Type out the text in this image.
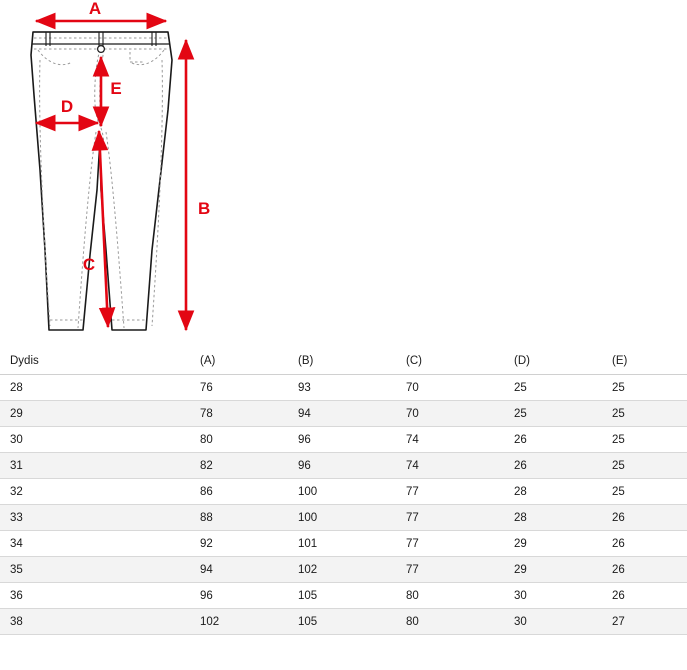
A
B
C
D
E
Dydis	(A)	(B)	(C)	(D)	(E)
28	76	93	70	25	25
29	78	94	70	25	25
30	80	96	74	26	25
31	82	96	74	26	25
32	86	100	77	28	25
33	88	100	77	28	26
34	92	101	77	29	26
35	94	102	77	29	26
36	96	105	80	30	26
38	102	105	80	30	27
